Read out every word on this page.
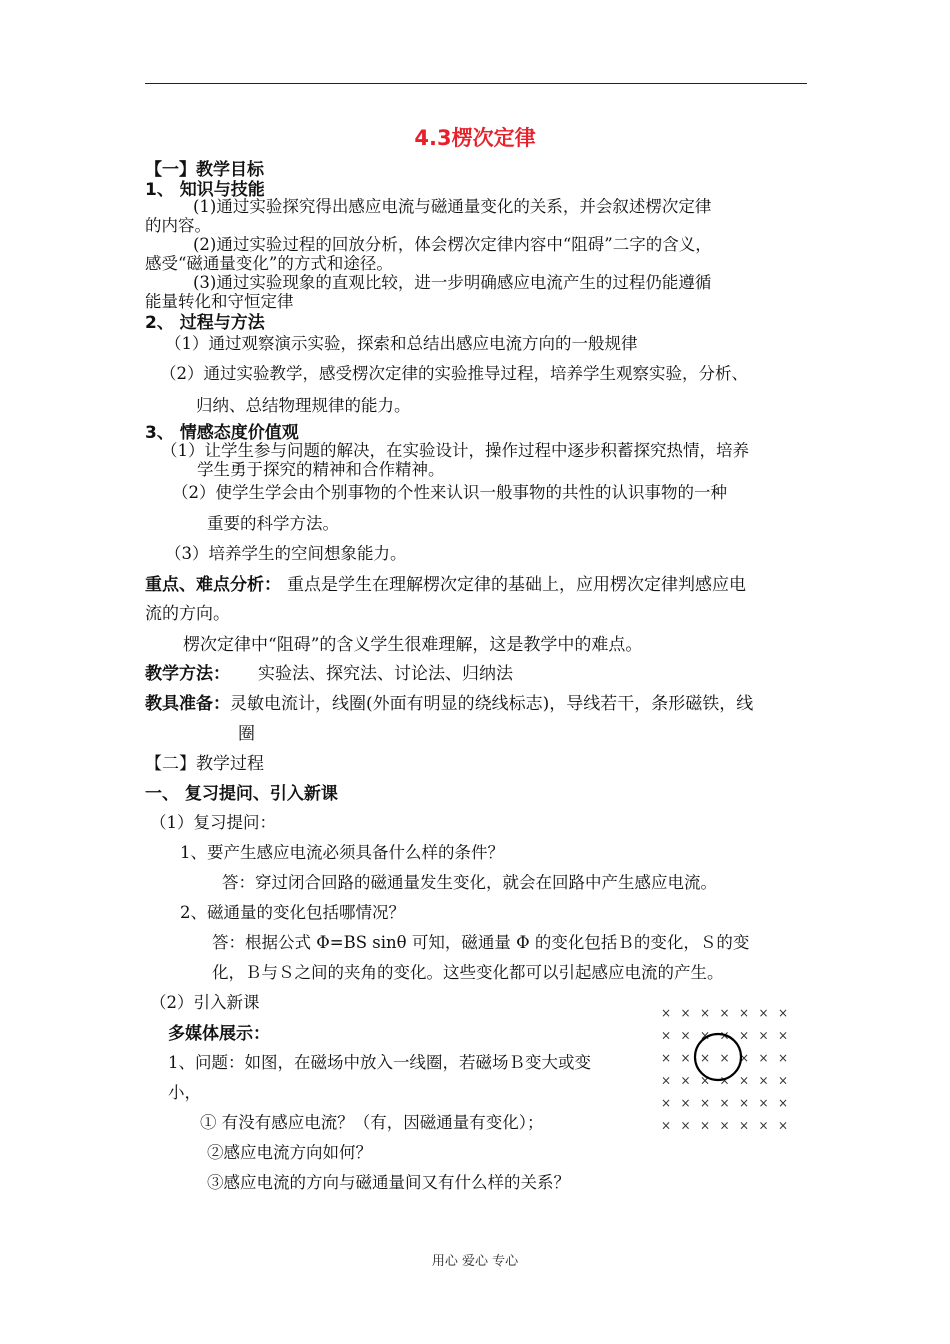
4.3楞次定律
【一】教学目标
1、 知识与技能
(1)通过实验探究得出感应电流与磁通量变化的关系，并会叙述楞次定律
的内容。
(2)通过实验过程的回放分析，体会楞次定律内容中“阻碍”二字的含义，
感受“磁通量变化”的方式和途径。
(3)通过实验现象的直观比较，进一步明确感应电流产生的过程仍能遵循
能量转化和守恒定律
2、 过程与方法
（1）通过观察演示实验，探索和总结出感应电流方向的一般规律
（2）通过实验教学，感受楞次定律的实验推导过程，培养学生观察实验，分析、
归纳、总结物理规律的能力。
3、 情感态度价值观
（1）让学生参与问题的解决，在实验设计，操作过程中逐步积蓄探究热情，培养
学生勇于探究的精神和合作精神。
（2）使学生学会由个别事物的个性来认识一般事物的共性的认识事物的一种
重要的科学方法。
（3）培养学生的空间想象能力。
重点、难点分析： 重点是学生在理解楞次定律的基础上，应用楞次定律判感应电
流的方向。
楞次定律中“阻碍”的含义学生很难理解，这是教学中的难点。
教学方法： 实验法、探究法、讨论法、归纳法
教具准备：灵敏电流计，线圈(外面有明显的绕线标志)，导线若干，条形磁铁，线
圈
【二】教学过程
一、 复习提问、引入新课
（1）复习提问：
1、要产生感应电流必须具备什么样的条件？
答：穿过闭合回路的磁通量发生变化，就会在回路中产生感应电流。
2、磁通量的变化包括哪情况？
答：根据公式 Φ=BS sinθ 可知，磁通量 Φ 的变化包括Ｂ的变化，Ｓ的变
化，Ｂ与Ｓ之间的夹角的变化。这些变化都可以引起感应电流的产生。
（2）引入新课
多媒体展示：
1、问题：如图，在磁场中放入一线圈，若磁场Ｂ变大或变
小，
① 有没有感应电流？（有，因磁通量有变化）；
②感应电流方向如何？
③感应电流的方向与磁通量间又有什么样的关系？
× × × × × × ×
× × × × × × ×
× × × × × × ×
× × × × × × ×
× × × × × × ×
× × × × × × ×
用心 爱心 专心
